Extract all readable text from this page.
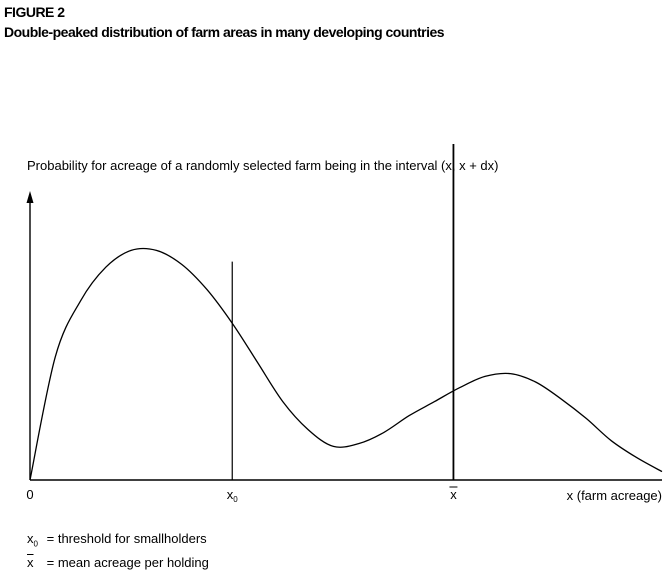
FIGURE 2
Double-peaked distribution of farm areas in many developing countries
Probability for acreage of a randomly selected farm being in the interval (x, x + dx)
$x_0$	x
0	x (farm acreage)
$x_0$ = threshold for smallholders
$\overline{x}$ = mean acreage per holding
